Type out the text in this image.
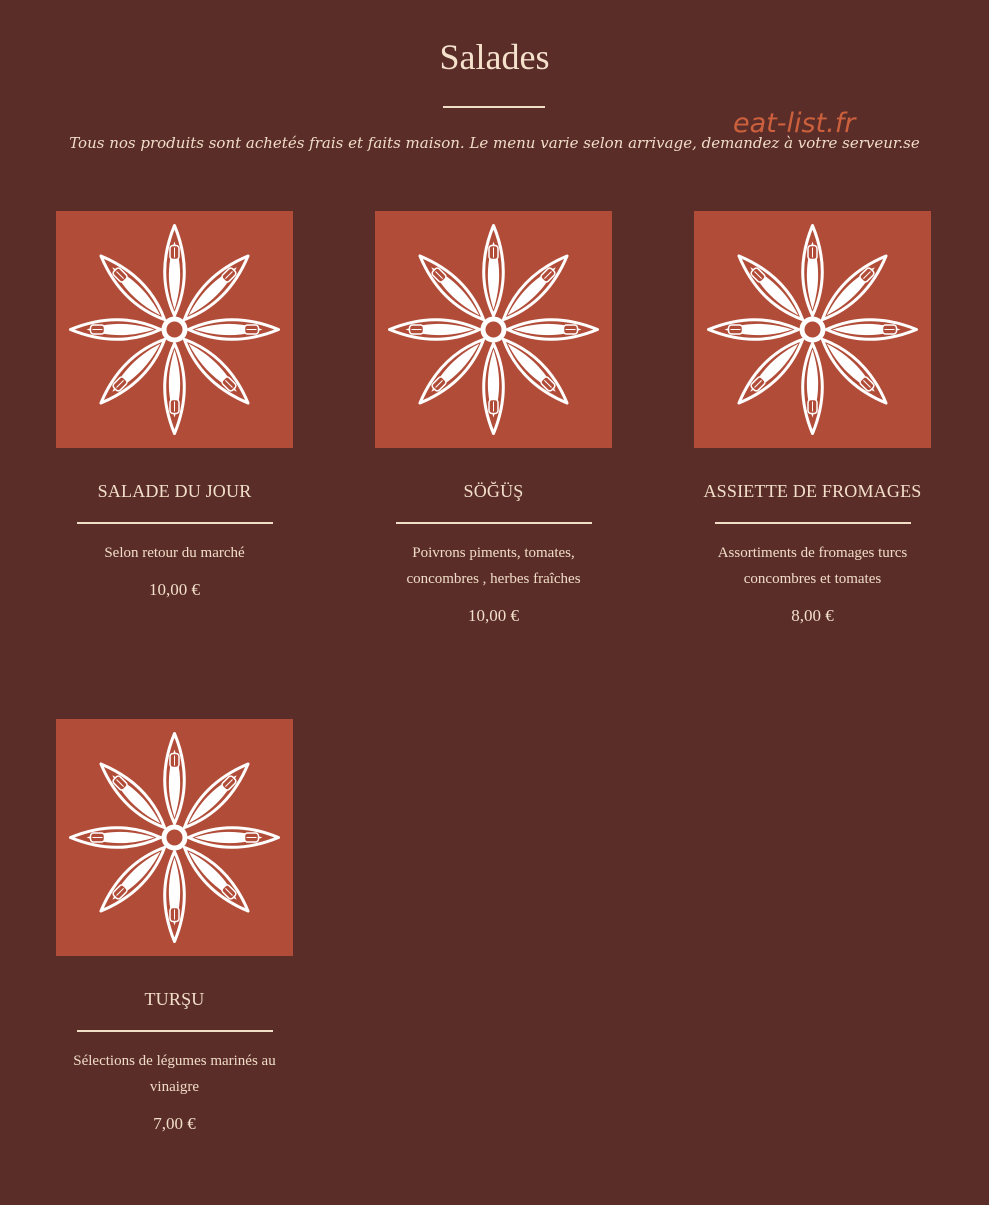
Salades
Tous nos produits sont achetés frais et faits maison. Le menu varie selon arrivage, demandez à votre serveur.se
eat-list.fr
SALADE DU JOUR
Selon retour du marché
10,00 €
SÖĞÜŞ
Poivrons piments, tomates, concombres , herbes fraîches
10,00 €
ASSIETTE DE FROMAGES
Assortiments de fromages turcs concombres et tomates
8,00 €
TURŞU
Sélections de légumes marinés au vinaigre
7,00 €
